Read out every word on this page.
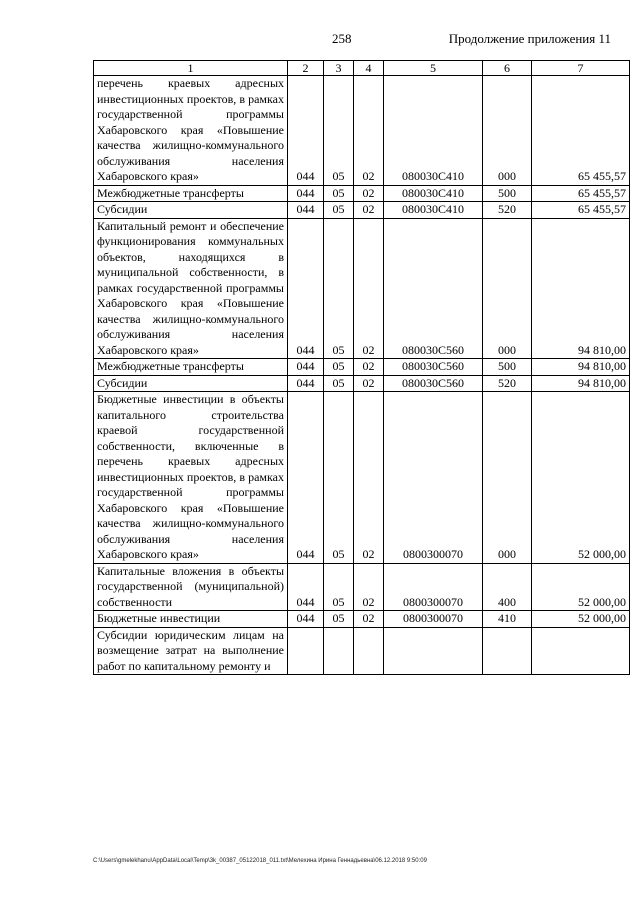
258	Продолжение приложения 11
1	2	3	4	5	6	7
перечень краевых адресных инвестиционных проектов, в рамках государственной программы Хабаровского края «Повышение качества жилищно-коммунального обслуживания населения Хабаровского края»	044	05	02	080030С410	000	65 455,57
Межбюджетные трансферты	044	05	02	080030С410	500	65 455,57
Субсидии	044	05	02	080030С410	520	65 455,57
Капитальный ремонт и обеспечение функционирования коммунальных объектов, находящихся в муниципальной собственности, в рамках государственной программы Хабаровского края «Повышение качества жилищно-коммунального обслуживания населения Хабаровского края»	044	05	02	080030С560	000	94 810,00
Межбюджетные трансферты	044	05	02	080030С560	500	94 810,00
Субсидии	044	05	02	080030С560	520	94 810,00
Бюджетные инвестиции в объекты капитального строительства краевой государственной собственности, включенные в перечень краевых адресных инвестиционных проектов, в рамках государственной программы Хабаровского края «Повышение качества жилищно-коммунального обслуживания населения Хабаровского края»	044	05	02	0800300070	000	52 000,00
Капитальные вложения в объекты государственной (муниципальной) собственности	044	05	02	0800300070	400	52 000,00
Бюджетные инвестиции	044	05	02	0800300070	410	52 000,00
Субсидии юридическим лицам на возмещение затрат на выполнение работ по капитальному ремонту и						
C:\Users\gmelekhanu\AppData\Local\Temp\3k_00387_05122018_011.txt\Мелехина Ирина Геннадьевна\06.12.2018 9:50:09
